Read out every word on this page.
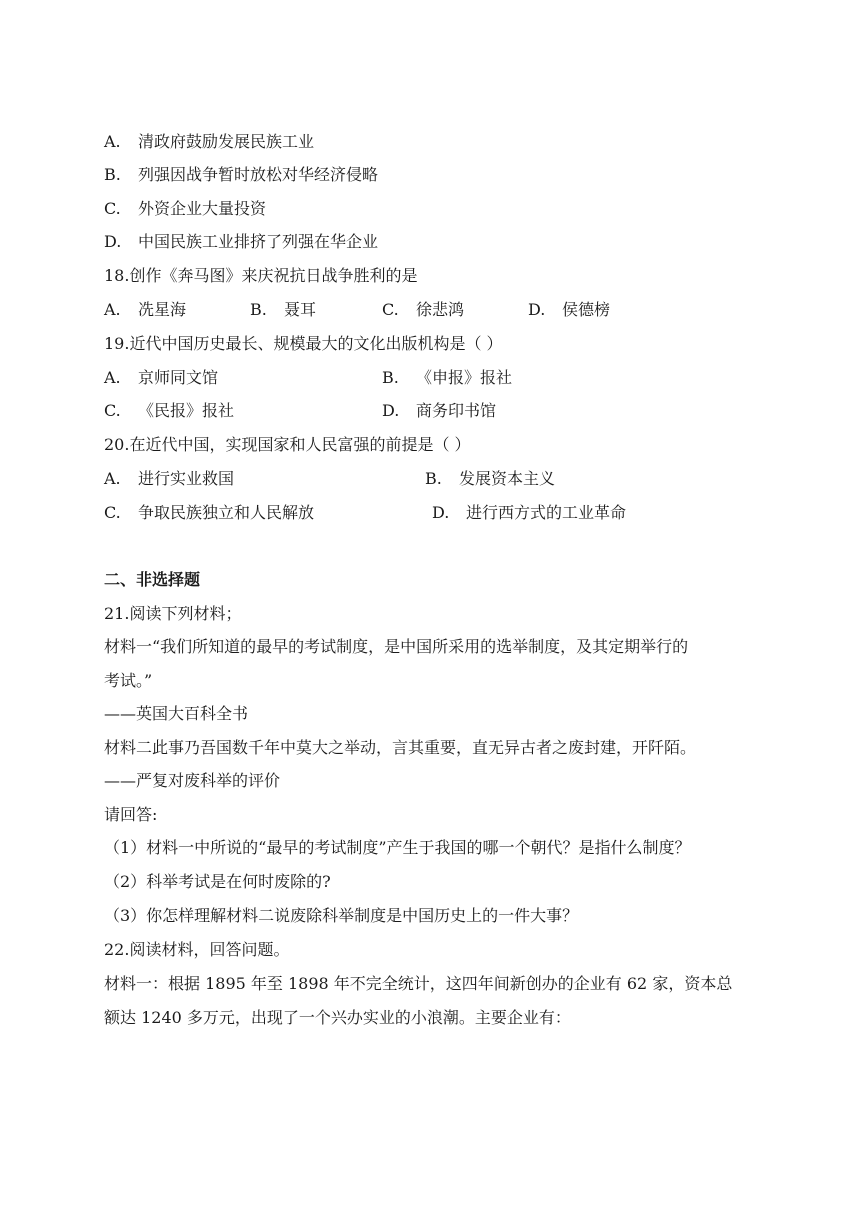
A. 清政府鼓励发展民族工业
B. 列强因战争暂时放松对华经济侵略
C. 外资企业大量投资
D. 中国民族工业排挤了列强在华企业
18.创作《奔马图》来庆祝抗日战争胜利的是
A. 冼星海	B. 聂耳	C. 徐悲鸿	D. 侯德榜
19.近代中国历史最长、规模最大的文化出版机构是（ ）
A. 京师同文馆	B. 《申报》报社
C. 《民报》报社	D. 商务印书馆
20.在近代中国，实现国家和人民富强的前提是（ ）
A. 进行实业救国	B. 发展资本主义
C. 争取民族独立和人民解放	D. 进行西方式的工业革命
二、非选择题
21.阅读下列材料；
材料一“我们所知道的最早的考试制度，是中国所采用的选举制度，及其定期举行的
考试。”
——英国大百科全书
材料二此事乃吾国数千年中莫大之举动，言其重要，直无异古者之废封建，开阡陌。
——严复对废科举的评价
请回答:
（1）材料一中所说的“最早的考试制度”产生于我国的哪一个朝代？是指什么制度？
（2）科举考试是在何时废除的?
（3）你怎样理解材料二说废除科举制度是中国历史上的一件大事？
22.阅读材料，回答问题。
材料一：根据 1895 年至 1898 年不完全统计，这四年间新创办的企业有 62 家，资本总
额达 1240 多万元，出现了一个兴办实业的小浪潮。主要企业有：
